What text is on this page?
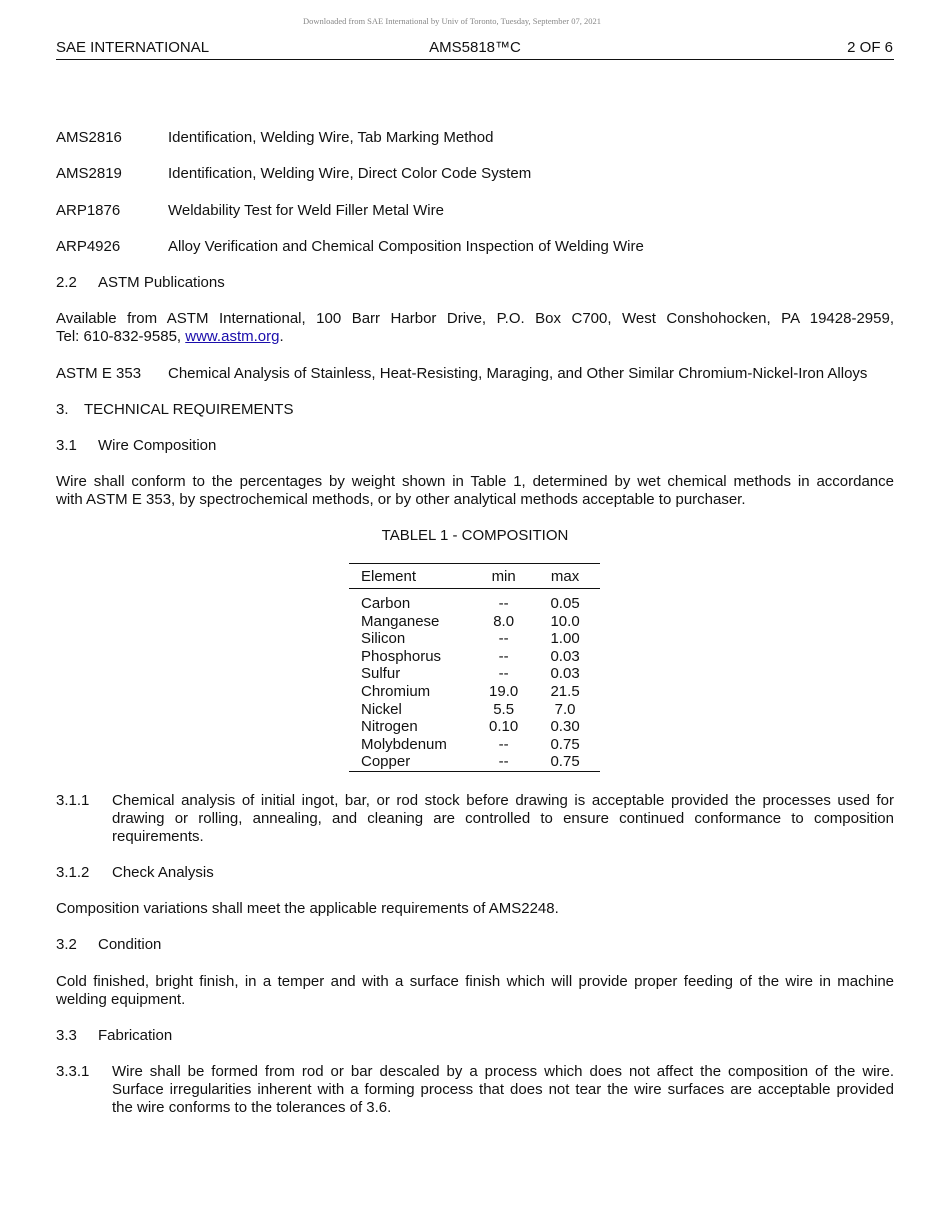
Downloaded from SAE International by Univ of Toronto, Tuesday, September 07, 2021
SAE INTERNATIONAL	AMS5818™C	2 OF 6
AMS2816	Identification, Welding Wire, Tab Marking Method
AMS2819	Identification, Welding Wire, Direct Color Code System
ARP1876	Weldability Test for Weld Filler Metal Wire
ARP4926	Alloy Verification and Chemical Composition Inspection of Welding Wire
2.2 ASTM Publications
Available from ASTM International, 100 Barr Harbor Drive, P.O. Box C700, West Conshohocken, PA 19428-2959,
Tel: 610-832-9585, www.astm.org.
ASTM E 353 Chemical Analysis of Stainless, Heat-Resisting, Maraging, and Other Similar Chromium-Nickel-Iron Alloys
3. TECHNICAL REQUIREMENTS
3.1 Wire Composition
Wire shall conform to the percentages by weight shown in Table 1, determined by wet chemical methods in accordance
with ASTM E 353, by spectrochemical methods, or by other analytical methods acceptable to purchaser.
TABLEL 1 - COMPOSITION
Element	min	max
Carbon	--	0.05
Manganese	8.0	10.0
Silicon	--	1.00
Phosphorus	--	0.03
Sulfur	--	0.03
Chromium	19.0	21.5
Nickel	5.5	7.0
Nitrogen	0.10	0.30
Molybdenum	--	0.75
Copper	--	0.75
3.1.1 Chemical analysis of initial ingot, bar, or rod stock before drawing is acceptable provided the processes used for
drawing or rolling, annealing, and cleaning are controlled to ensure continued conformance to composition
requirements.
3.1.2 Check Analysis
Composition variations shall meet the applicable requirements of AMS2248.
3.2 Condition
Cold finished, bright finish, in a temper and with a surface finish which will provide proper feeding of the wire in machine
welding equipment.
3.3 Fabrication
3.3.1 Wire shall be formed from rod or bar descaled by a process which does not affect the composition of the wire.
Surface irregularities inherent with a forming process that does not tear the wire surfaces are acceptable provided
the wire conforms to the tolerances of 3.6.
